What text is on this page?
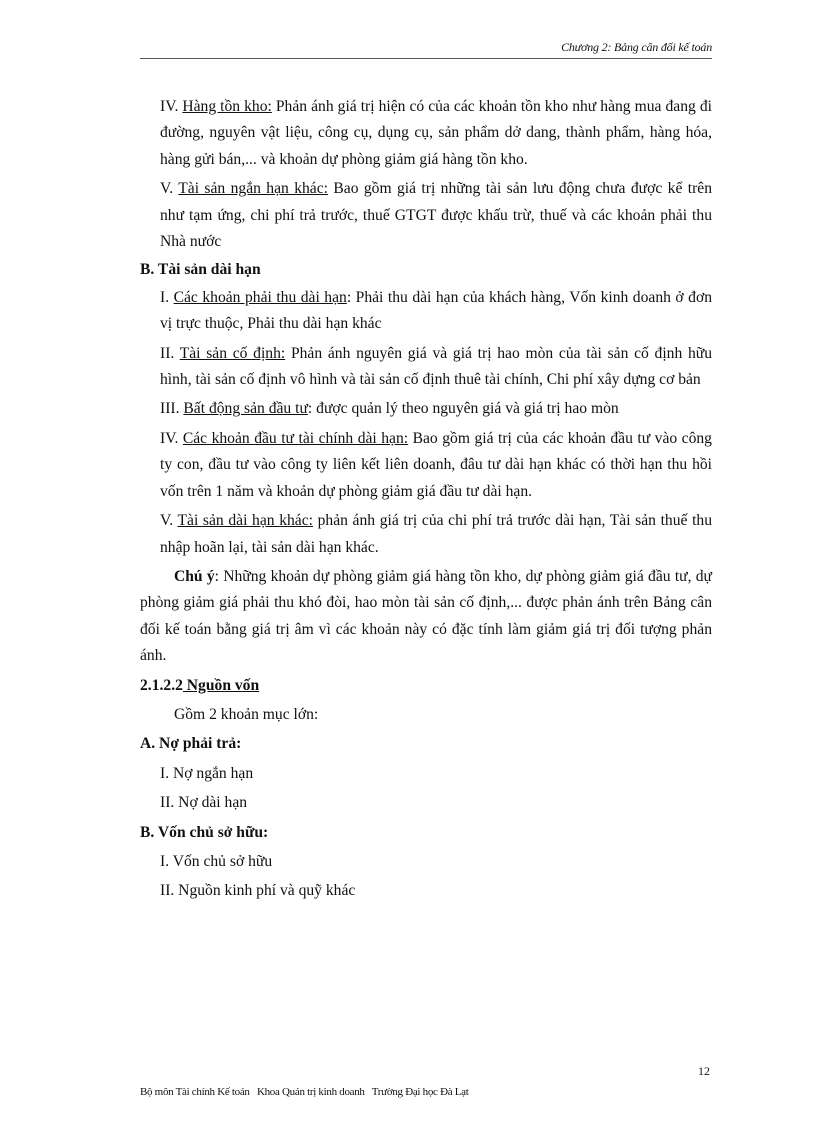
Chương 2: Bảng cân đối kế toán

IV. Hàng tồn kho: Phản ánh giá trị hiện có của các khoản tồn kho như hàng mua đang đi đường, nguyên vật liệu, công cụ, dụng cụ, sản phẩm dở dang, thành phẩm, hàng hóa, hàng gửi bán,... và khoản dự phòng giảm giá hàng tồn kho.

V. Tài sản ngắn hạn khác: Bao gồm giá trị những tài sản lưu động chưa được kể trên như tạm ứng, chi phí trả trước, thuế GTGT được khấu trừ, thuế và các khoản phải thu Nhà nước

B. Tài sản dài hạn

I. Các khoản phải thu dài hạn: Phải thu dài hạn của khách hàng, Vốn kinh doanh ở đơn vị trực thuộc, Phải thu dài hạn khác

II. Tài sản cố định: Phản ánh nguyên giá và giá trị hao mòn của tài sản cố định hữu hình, tài sản cố định vô hình và tài sản cố định thuê tài chính, Chi phí xây dựng cơ bản

III. Bất động sản đầu tư: được quản lý theo nguyên giá và giá trị hao mòn

IV. Các khoản đầu tư tài chính dài hạn: Bao gồm giá trị của các khoản đầu tư vào công ty con, đầu tư vào công ty liên kết liên doanh, đâu tư dài hạn khác có thời hạn thu hồi vốn trên 1 năm và khoản dự phòng giảm giá đầu tư dài hạn.

V. Tài sản dài hạn khác: phản ánh giá trị của chi phí trả trước dài hạn, Tài sản thuế thu nhập hoãn lại, tài sản dài hạn khác.

Chú ý: Những khoản dự phòng giảm giá hàng tồn kho, dự phòng giảm giá đầu tư, dự phòng giảm giá phải thu khó đòi, hao mòn tài sản cố định,... được phản ánh trên Bảng cân đối kế toán bằng giá trị âm vì các khoản này có đặc tính làm giảm giá trị đối tượng phản ánh.

2.1.2.2 Nguồn vốn

Gồm 2 khoản mục lớn:

A. Nợ phải trả:

I. Nợ ngắn hạn

II. Nợ dài hạn

B. Vốn chủ sở hữu:

I. Vốn chủ sở hữu

II. Nguồn kinh phí và quỹ khác

12
Bộ môn Tài chính Kế toán   Khoa Quản trị kinh doanh   Trường Đại học Đà Lạt
